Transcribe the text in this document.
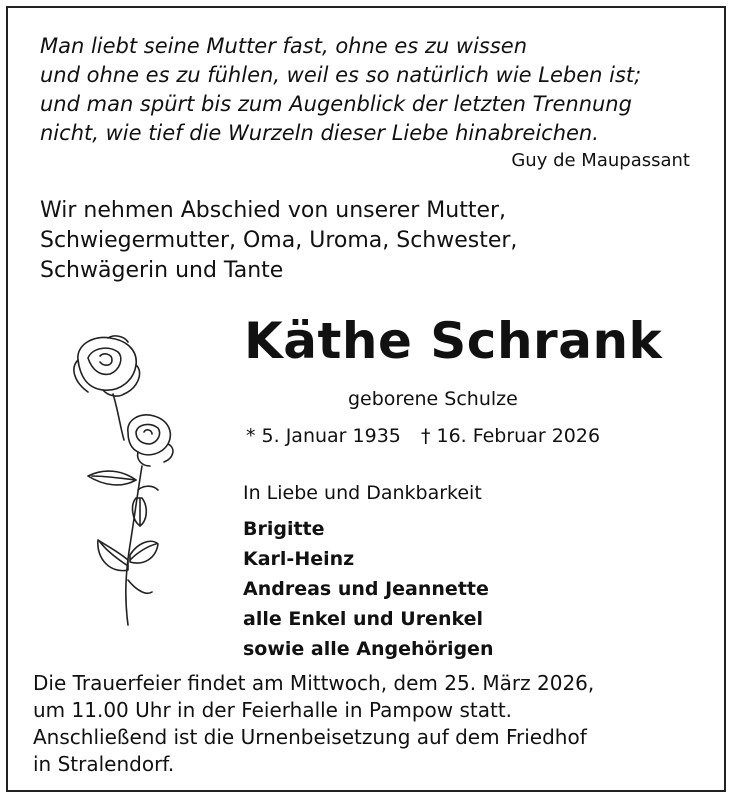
Man liebt seine Mutter fast, ohne es zu wissen
und ohne es zu fühlen, weil es so natürlich wie Leben ist;
und man spürt bis zum Augenblick der letzten Trennung
nicht, wie tief die Wurzeln dieser Liebe hinabreichen.
Guy de Maupassant
Wir nehmen Abschied von unserer Mutter,
Schwiegermutter, Oma, Uroma, Schwester,
Schwägerin und Tante
Käthe Schrank
geborene Schulze
* 5. Januar 1935 † 16. Februar 2026
In Liebe und Dankbarkeit
Brigitte
Karl-Heinz
Andreas und Jeannette
alle Enkel und Urenkel
sowie alle Angehörigen
Die Trauerfeier findet am Mittwoch, dem 25. März 2026,
um 11.00 Uhr in der Feierhalle in Pampow statt.
Anschließend ist die Urnenbeisetzung auf dem Friedhof
in Stralendorf.
